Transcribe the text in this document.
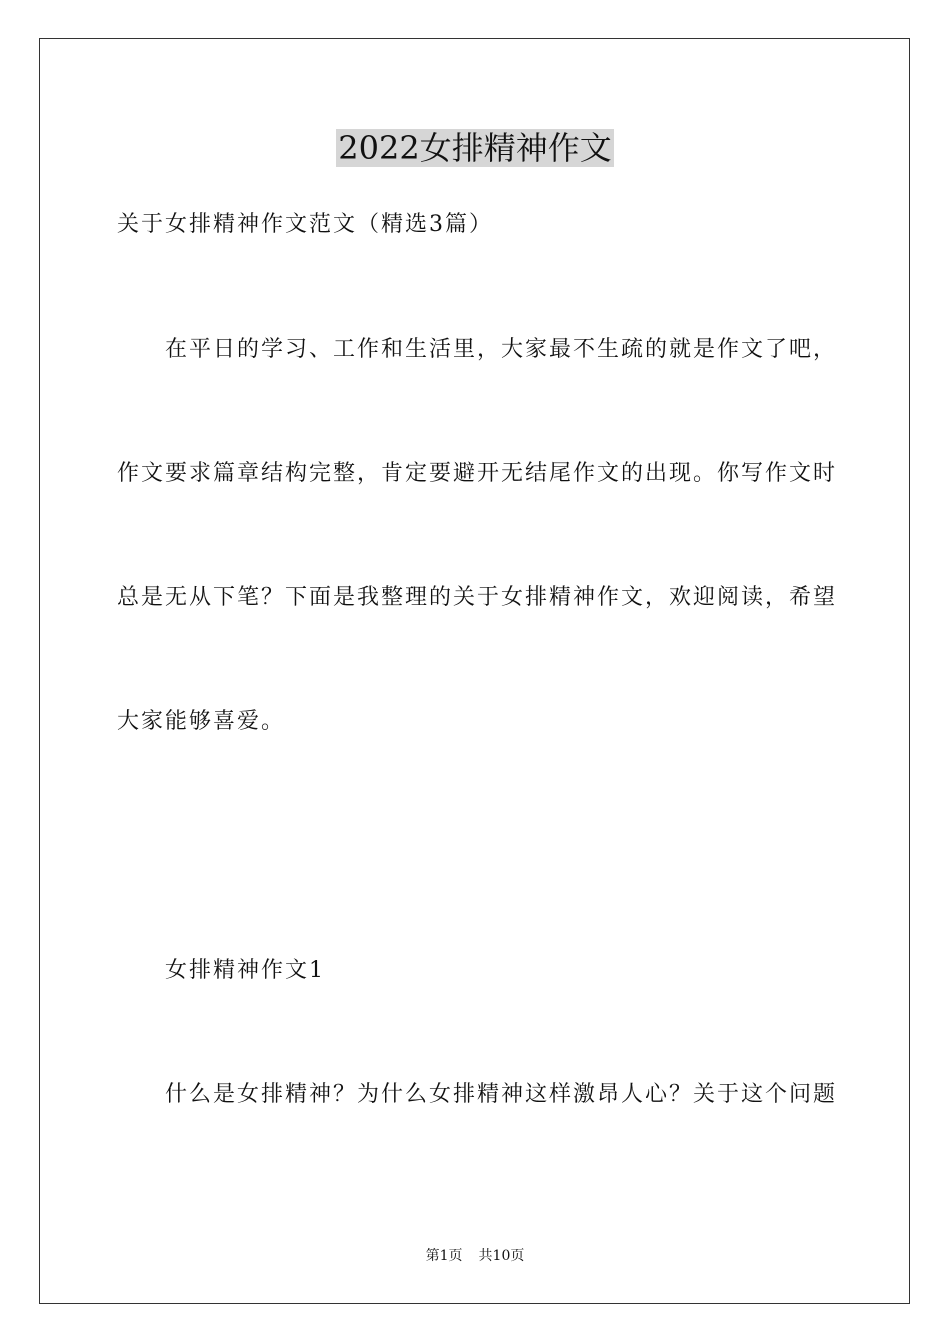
2022女排精神作文
关于女排精神作文范文（精选3篇）
在平日的学习、工作和生活里，大家最不生疏的就是作文了吧，
作文要求篇章结构完整，肯定要避开无结尾作文的出现。你写作文时
总是无从下笔？下面是我整理的关于女排精神作文，欢迎阅读，希望
大家能够喜爱。
女排精神作文1
什么是女排精神？为什么女排精神这样激昂人心？关于这个问题
第1页 共10页
